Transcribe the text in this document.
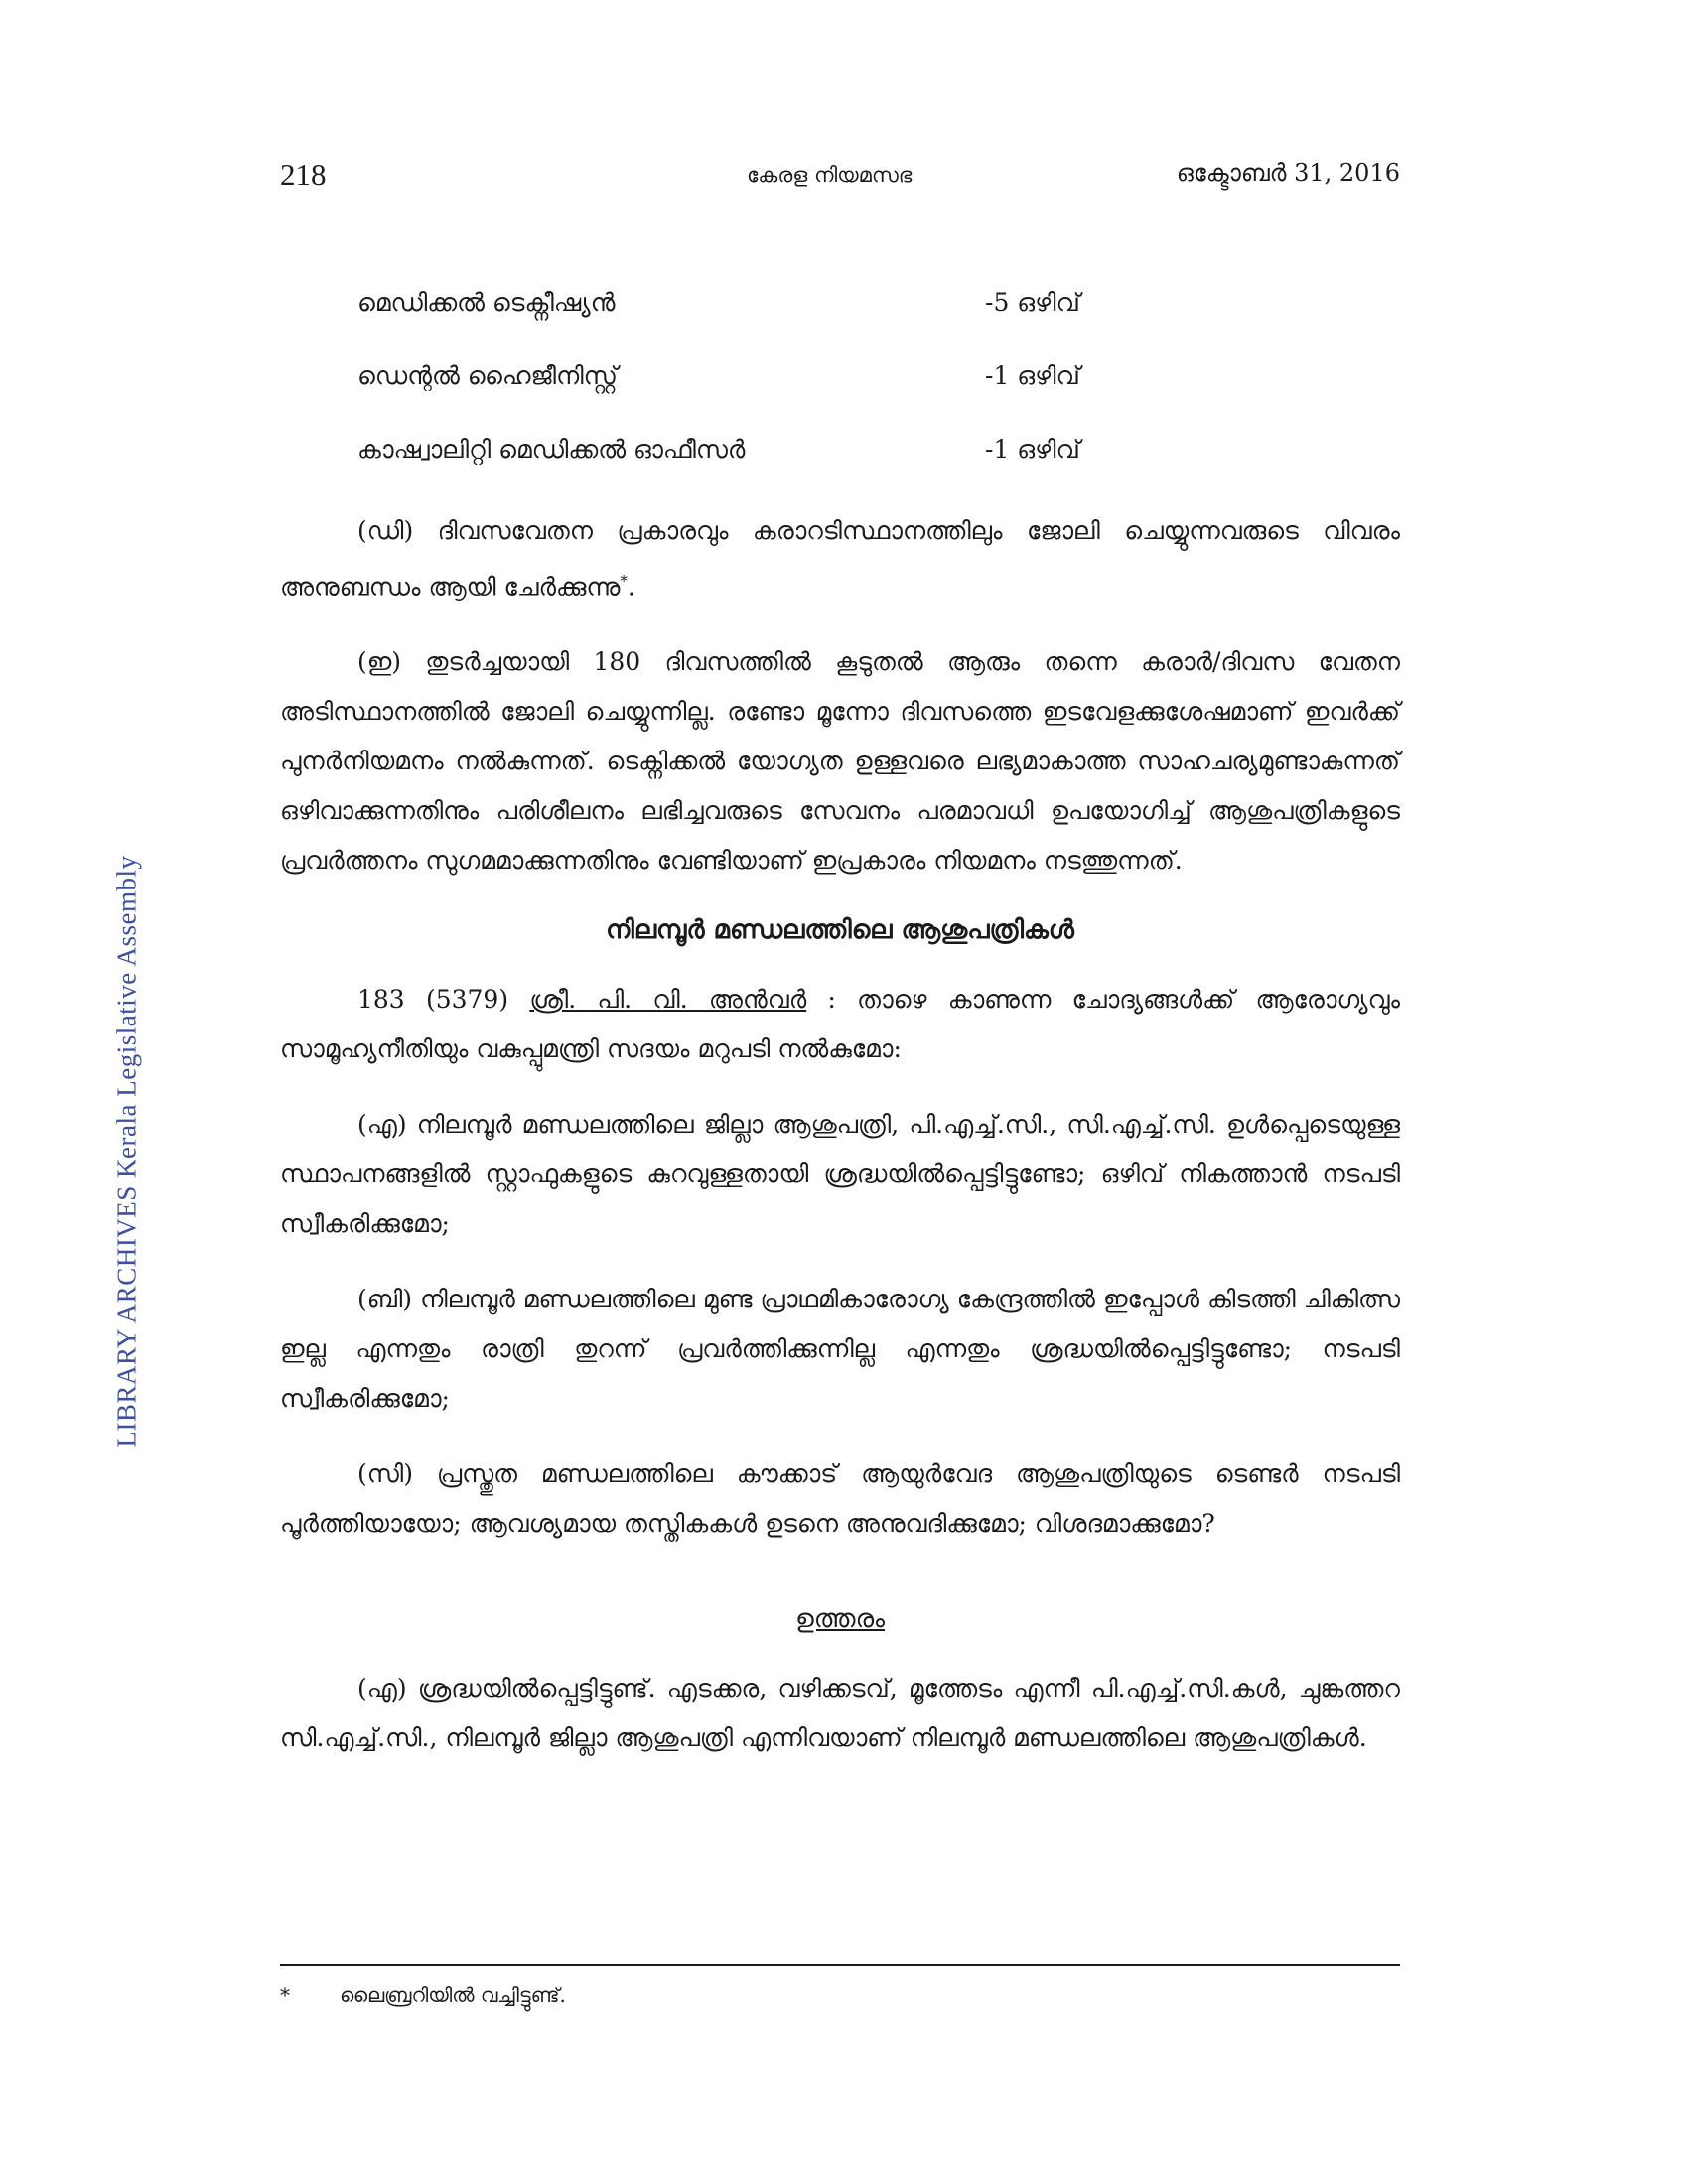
LIBRARY ARCHIVES Kerala Legislative Assembly
218	കേരള നിയമസഭ	ഒക്ടോബർ 31, 2016
മെഡിക്കൽ ടെക്നീഷ്യൻ	-5 ഒഴിവ്
ഡെന്റൽ ഹൈജീനിസ്റ്റ്	-1 ഒഴിവ്
കാഷ്വാലിറ്റി മെഡിക്കൽ ഓഫീസർ	-1 ഒഴിവ്

(ഡി) ദിവസവേതന പ്രകാരവും കരാറടിസ്ഥാനത്തിലും ജോലി ചെയ്യുന്നവരുടെ വിവരം അനുബന്ധം ആയി ചേർക്കുന്നു*.

(ഇ) തുടർച്ചയായി 180 ദിവസത്തിൽ കൂടുതൽ ആരും തന്നെ കരാർ/ദിവസ വേതന അടിസ്ഥാനത്തിൽ ജോലി ചെയ്യുന്നില്ല. രണ്ടോ മൂന്നോ ദിവസത്തെ ഇടവേളക്കുശേഷമാണ് ഇവർക്ക് പുനർനിയമനം നൽകുന്നത്. ടെക്നിക്കൽ യോഗ്യത ഉള്ളവരെ ലഭ്യമാകാത്ത സാഹചര്യമുണ്ടാകുന്നത് ഒഴിവാക്കുന്നതിനും പരിശീലനം ലഭിച്ചവരുടെ സേവനം പരമാവധി ഉപയോഗിച്ച് ആശുപത്രികളുടെ പ്രവർത്തനം സുഗമമാക്കുന്നതിനും വേണ്ടിയാണ് ഇപ്രകാരം നിയമനം നടത്തുന്നത്.

നിലമ്പൂർ മണ്ഡലത്തിലെ ആശുപത്രികൾ

183 (5379) ശ്രീ. പി. വി. അൻവർ : താഴെ കാണുന്ന ചോദ്യങ്ങൾക്ക് ആരോഗ്യവും സാമൂഹ്യനീതിയും വകുപ്പുമന്ത്രി സദയം മറുപടി നൽകുമോ:

(എ) നിലമ്പൂർ മണ്ഡലത്തിലെ ജില്ലാ ആശുപത്രി, പി.എച്ച്.സി., സി.എച്ച്.സി. ഉൾപ്പെടെയുള്ള സ്ഥാപനങ്ങളിൽ സ്റ്റാഫുകളുടെ കുറവുള്ളതായി ശ്രദ്ധയിൽപ്പെട്ടിട്ടുണ്ടോ; ഒഴിവ് നികത്താൻ നടപടി സ്വീകരിക്കുമോ;

(ബി) നിലമ്പൂർ മണ്ഡലത്തിലെ മുണ്ട പ്രാഥമികാരോഗ്യ കേന്ദ്രത്തിൽ ഇപ്പോൾ കിടത്തി ചികിത്സ ഇല്ല എന്നതും രാത്രി തുറന്ന് പ്രവർത്തിക്കുന്നില്ല എന്നതും ശ്രദ്ധയിൽപ്പെട്ടിട്ടുണ്ടോ; നടപടി സ്വീകരിക്കുമോ;

(സി) പ്രസ്തുത മണ്ഡലത്തിലെ കൗക്കാട് ആയുർവേദ ആശുപത്രിയുടെ ടെണ്ടർ നടപടി പൂർത്തിയായോ; ആവശ്യമായ തസ്തികകൾ ഉടനെ അനുവദിക്കുമോ; വിശദമാക്കുമോ?

ഉത്തരം

(എ) ശ്രദ്ധയിൽപ്പെട്ടിട്ടുണ്ട്. എടക്കര, വഴിക്കടവ്, മൂത്തേടം എന്നീ പി.എച്ച്.സി.കൾ, ചുങ്കത്തറ സി.എച്ച്.സി., നിലമ്പൂർ ജില്ലാ ആശുപത്രി എന്നിവയാണ് നിലമ്പൂർ മണ്ഡലത്തിലെ ആശുപത്രികൾ.

*	ലൈബ്രറിയിൽ വച്ചിട്ടുണ്ട്.
